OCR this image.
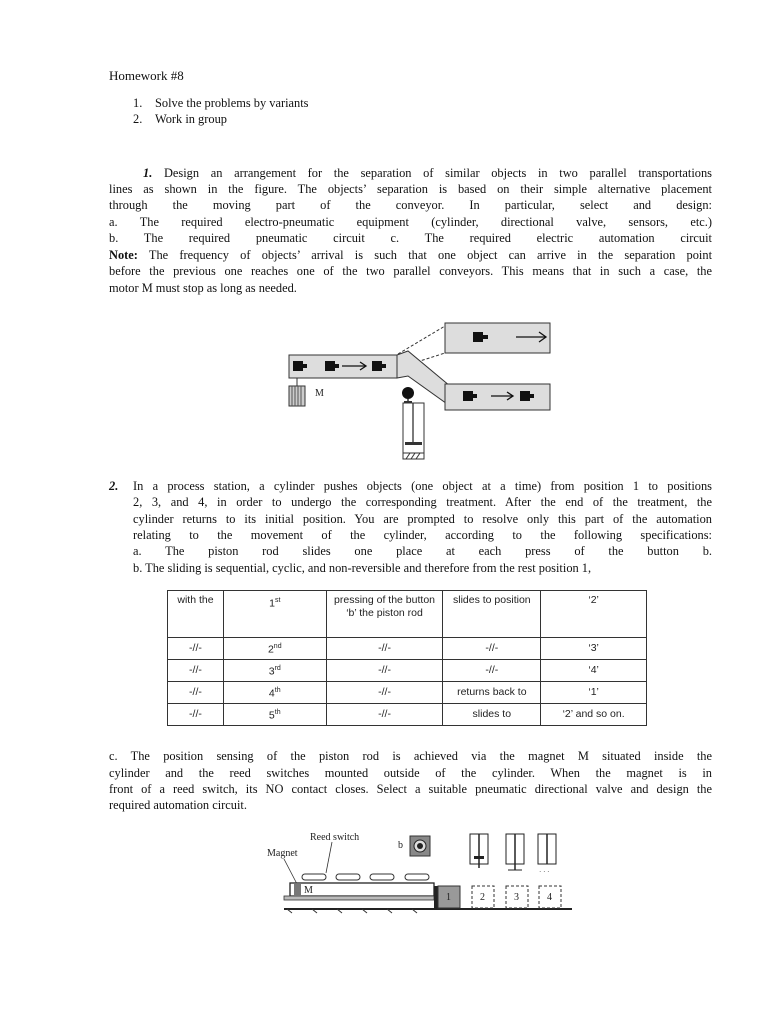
Homework #8
1. Solve the problems by variants
2. Work in group
1. Design an arrangement for the separation of similar objects in two parallel transportations
lines as shown in the figure. The objects’ separation is based on their simple alternative placement
through the moving part of the conveyor. In particular, select and design:
a. The required electro-pneumatic equipment (cylinder, directional valve, sensors, etc.)
b. The required pneumatic circuit c. The required electric automation circuit
Note: The frequency of objects’ arrival is such that one object can arrive in the separation point
before the previous one reaches one of the two parallel conveyors. This means that in such a case, the
motor M must stop as long as needed.
M
2. In a process station, a cylinder pushes objects (one object at a time) from position 1 to positions
2, 3, and 4, in order to undergo the corresponding treatment. After the end of the treatment, the
cylinder returns to its initial position. You are prompted to resolve only this part of the automation
relating to the movement of the cylinder, according to the following specifications:
a. The piston rod slides one place at each press of the button b.
b. The sliding is sequential, cyclic, and non-reversible and therefore from the rest position 1,
with the	1st	pressing of the button ‘b’ the piston rod	slides to position	‘2’
-//-	2nd	-//-	-//-	‘3’
-//-	3rd	-//-	-//-	‘4’
-//-	4th	-//-	returns back to	‘1’
-//-	5th	-//-	slides to	‘2’ and so on.
c. The position sensing of the piston rod is achieved via the magnet M situated inside the
cylinder and the reed switches mounted outside of the cylinder. When the magnet is in
front of a reed switch, its NO contact closes. Select a suitable pneumatic directional valve and design the
required automation circuit.
Magnet
Reed switch
M
b
1	2	3	4
· · ·
